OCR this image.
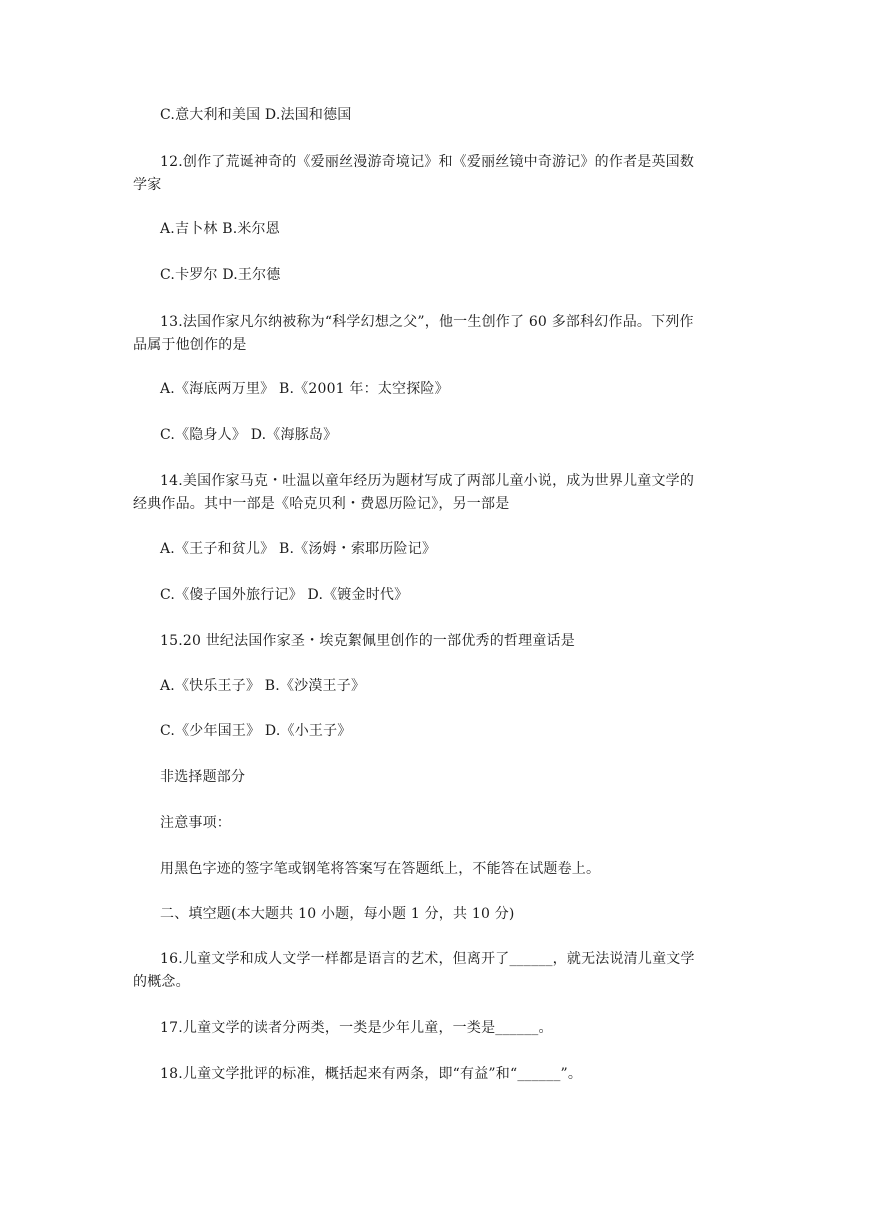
C.意大利和美国 D.法国和德国
12.创作了荒诞神奇的《爱丽丝漫游奇境记》和《爱丽丝镜中奇游记》的作者是英国数
学家
A.吉卜林 B.米尔恩
C.卡罗尔 D.王尔德
13.法国作家凡尔纳被称为“科学幻想之父”，他一生创作了 60 多部科幻作品。下列作
品属于他创作的是
A.《海底两万里》 B.《2001 年：太空探险》
C.《隐身人》 D.《海豚岛》
14.美国作家马克・吐温以童年经历为题材写成了两部儿童小说，成为世界儿童文学的
经典作品。其中一部是《哈克贝利・费恩历险记》，另一部是
A.《王子和贫儿》 B.《汤姆・索耶历险记》
C.《傻子国外旅行记》 D.《镀金时代》
15.20 世纪法国作家圣・埃克絮佩里创作的一部优秀的哲理童话是
A.《快乐王子》 B.《沙漠王子》
C.《少年国王》 D.《小王子》
非选择题部分
注意事项：
用黑色字迹的签字笔或钢笔将答案写在答题纸上，不能答在试题卷上。
二、填空题(本大题共 10 小题，每小题 1 分，共 10 分)
16.儿童文学和成人文学一样都是语言的艺术，但离开了______，就无法说清儿童文学
的概念。
17.儿童文学的读者分两类，一类是少年儿童，一类是______。
18.儿童文学批评的标准，概括起来有两条，即“有益”和“______”。
